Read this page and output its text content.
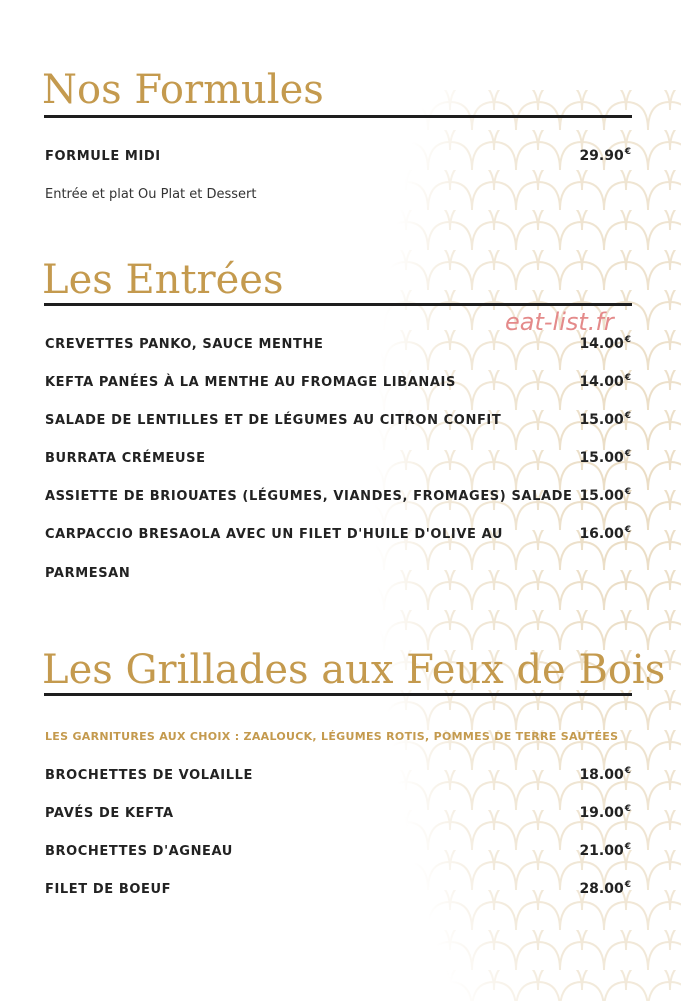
Nos Formules
FORMULE MIDI	29.90€
Entrée et plat Ou Plat et Dessert
Les Entrées
eat-list.fr
CREVETTES PANKO, SAUCE MENTHE	14.00€
KEFTA PANÉES À LA MENTHE AU FROMAGE LIBANAIS	14.00€
SALADE DE LENTILLES ET DE LÉGUMES AU CITRON CONFIT	15.00€
BURRATA CRÉMEUSE	15.00€
ASSIETTE DE BRIOUATES (LÉGUMES, VIANDES, FROMAGES) SALADE 15.00€
CARPACCIO BRESAOLA AVEC UN FILET D'HUILE D'OLIVE AU	16.00€
PARMESAN
Les Grillades aux Feux de Bois
LES GARNITURES AUX CHOIX : ZAALOUCK, LÉGUMES ROTIS, POMMES DE TERRE SAUTÉES
BROCHETTES DE VOLAILLE	18.00€
PAVÉS DE KEFTA	19.00€
BROCHETTES D'AGNEAU	21.00€
FILET DE BOEUF	28.00€
